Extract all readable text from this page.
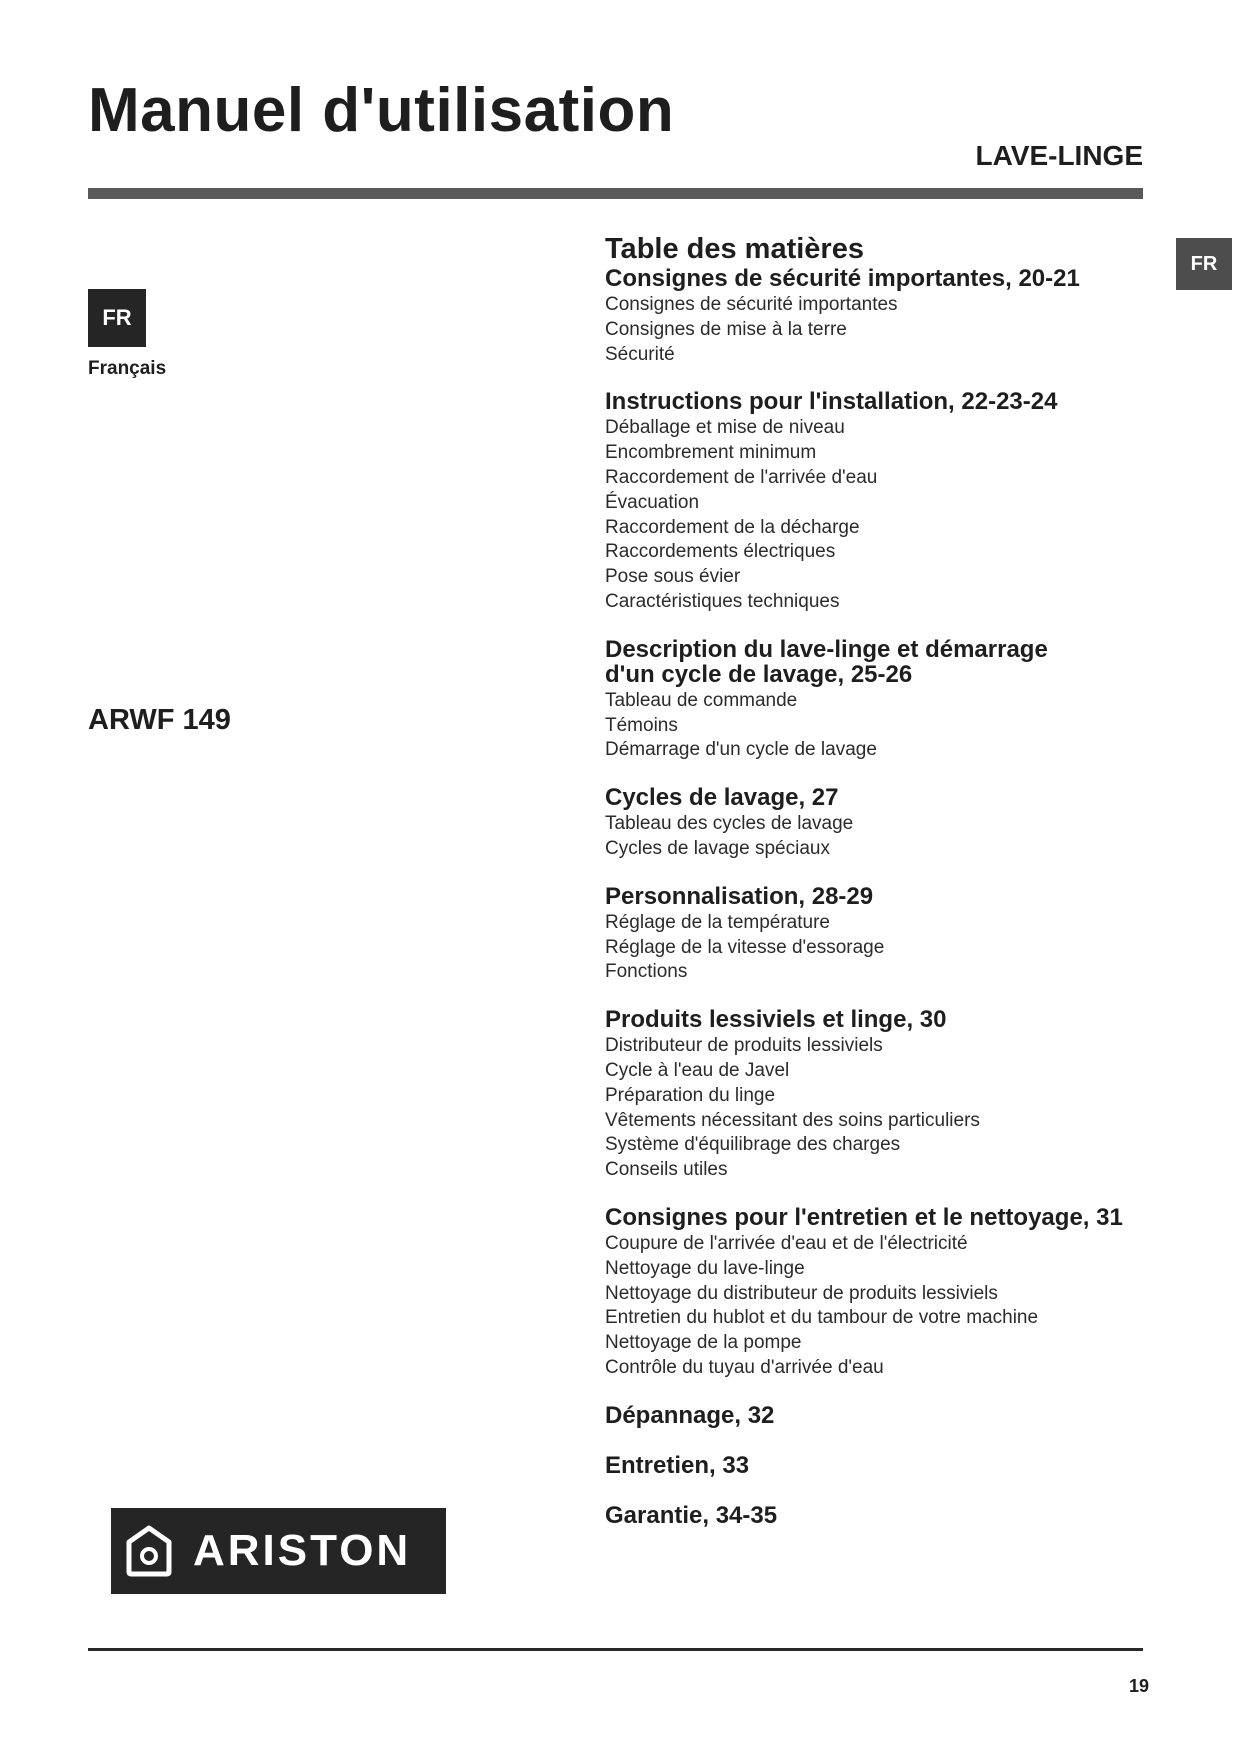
Manuel d'utilisation
LAVE-LINGE
FR
Français
FR
ARWF 149
ARISTON
Table des matières
Consignes de sécurité importantes, 20-21
Consignes de sécurité importantes
Consignes de mise à la terre
Sécurité
Instructions pour l'installation, 22-23-24
Déballage et mise de niveau
Encombrement minimum
Raccordement de l'arrivée d'eau
Évacuation
Raccordement de la décharge
Raccordements électriques
Pose sous évier
Caractéristiques techniques
Description du lave-linge et démarrage
d'un cycle de lavage, 25-26
Tableau de commande
Témoins
Démarrage d'un cycle de lavage
Cycles de lavage, 27
Tableau des cycles de lavage
Cycles de lavage spéciaux
Personnalisation, 28-29
Réglage de la température
Réglage de la vitesse d'essorage
Fonctions
Produits lessiviels et linge, 30
Distributeur de produits lessiviels
Cycle à l'eau de Javel
Préparation du linge
Vêtements nécessitant des soins particuliers
Système d'équilibrage des charges
Conseils utiles
Consignes pour l'entretien et le nettoyage, 31
Coupure de l'arrivée d'eau et de l'électricité
Nettoyage du lave-linge
Nettoyage du distributeur de produits lessiviels
Entretien du hublot et du tambour de votre machine
Nettoyage de la pompe
Contrôle du tuyau d'arrivée d'eau
Dépannage, 32
Entretien, 33
Garantie, 34-35
19
